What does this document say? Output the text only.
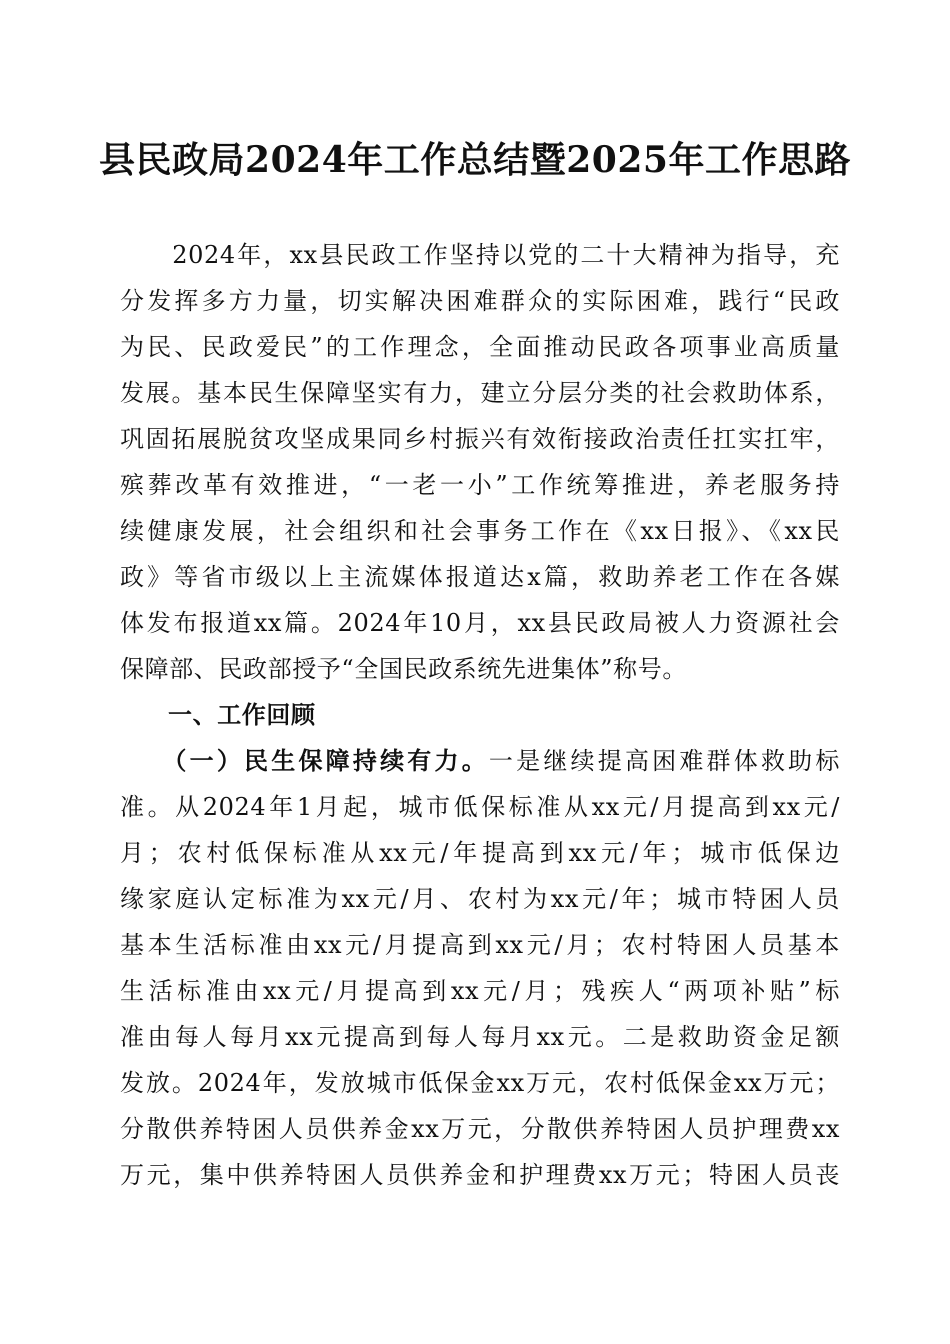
县民政局2024年工作总结暨2025年工作思路
　　2024年，xx县民政工作坚持以党的二十大精神为指导，充
分发挥多方力量，切实解决困难群众的实际困难，践行“民政
为民、民政爱民”的工作理念，全面推动民政各项事业高质量
发展。基本民生保障坚实有力，建立分层分类的社会救助体系，
巩固拓展脱贫攻坚成果同乡村振兴有效衔接政治责任扛实扛牢，
殡葬改革有效推进，“一老一小”工作统筹推进，养老服务持
续健康发展，社会组织和社会事务工作在《xx日报》、《xx民
政》等省市级以上主流媒体报道达x篇，救助养老工作在各媒
体发布报道xx篇。2024年10月，xx县民政局被人力资源社会
保障部、民政部授予“全国民政系统先进集体”称号。
一、工作回顾
　　（一）民生保障持续有力。一是继续提高困难群体救助标
准。从2024年1月起，城市低保标准从xx元/月提高到xx元/
月；农村低保标准从xx元/年提高到xx元/年；城市低保边
缘家庭认定标准为xx元/月、农村为xx元/年；城市特困人员
基本生活标准由xx元/月提高到xx元/月；农村特困人员基本
生活标准由xx元/月提高到xx元/月；残疾人“两项补贴”标
准由每人每月xx元提高到每人每月xx元。二是救助资金足额
发放。2024年，发放城市低保金xx万元，农村低保金xx万元；
分散供养特困人员供养金xx万元，分散供养特困人员护理费xx
万元，集中供养特困人员供养金和护理费xx万元；特困人员丧
